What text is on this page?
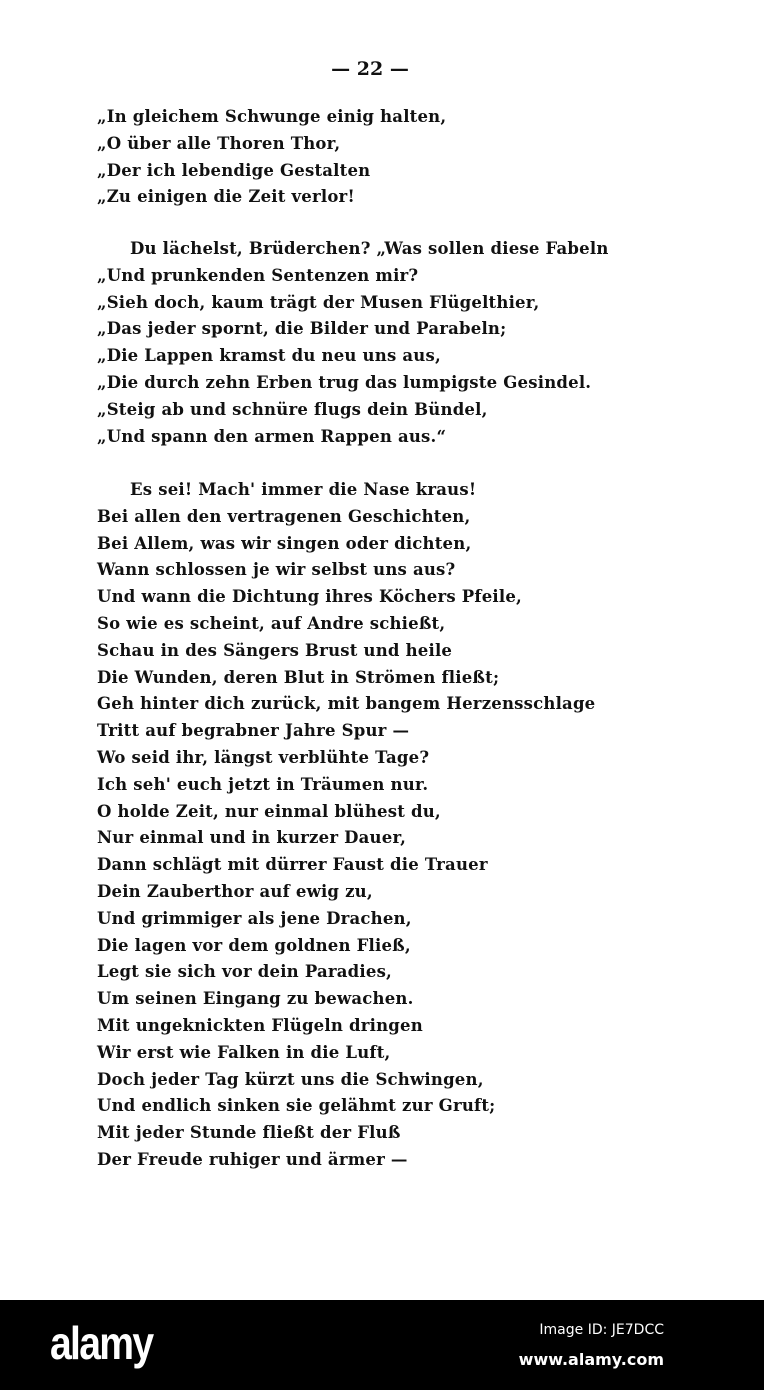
— 22 —
„In gleichem Schwunge einig halten,
„O über alle Thoren Thor,
„Der ich lebendige Gestalten
„Zu einigen die Zeit verlor!
Du lächelst, Brüderchen? „Was sollen diese Fabeln
„Und prunkenden Sentenzen mir?
„Sieh doch, kaum trägt der Musen Flügelthier,
„Das jeder spornt, die Bilder und Parabeln;
„Die Lappen kramst du neu uns aus,
„Die durch zehn Erben trug das lumpigste Gesindel.
„Steig ab und schnüre flugs dein Bündel,
„Und spann den armen Rappen aus.“
Es sei! Mach' immer die Nase kraus!
Bei allen den vertragenen Geschichten,
Bei Allem, was wir singen oder dichten,
Wann schlossen je wir selbst uns aus?
Und wann die Dichtung ihres Köchers Pfeile,
So wie es scheint, auf Andre schießt,
Schau in des Sängers Brust und heile
Die Wunden, deren Blut in Strömen fließt;
Geh hinter dich zurück, mit bangem Herzensschlage
Tritt auf begrabner Jahre Spur —
Wo seid ihr, längst verblühte Tage?
Ich seh' euch jetzt in Träumen nur.
O holde Zeit, nur einmal blühest du,
Nur einmal und in kurzer Dauer,
Dann schlägt mit dürrer Faust die Trauer
Dein Zauberthor auf ewig zu,
Und grimmiger als jene Drachen,
Die lagen vor dem goldnen Fließ,
Legt sie sich vor dein Paradies,
Um seinen Eingang zu bewachen.
Mit ungeknickten Flügeln dringen
Wir erst wie Falken in die Luft,
Doch jeder Tag kürzt uns die Schwingen,
Und endlich sinken sie gelähmt zur Gruft;
Mit jeder Stunde fließt der Fluß
Der Freude ruhiger und ärmer —
alamy	Image ID: JE7DCC
www.alamy.com
